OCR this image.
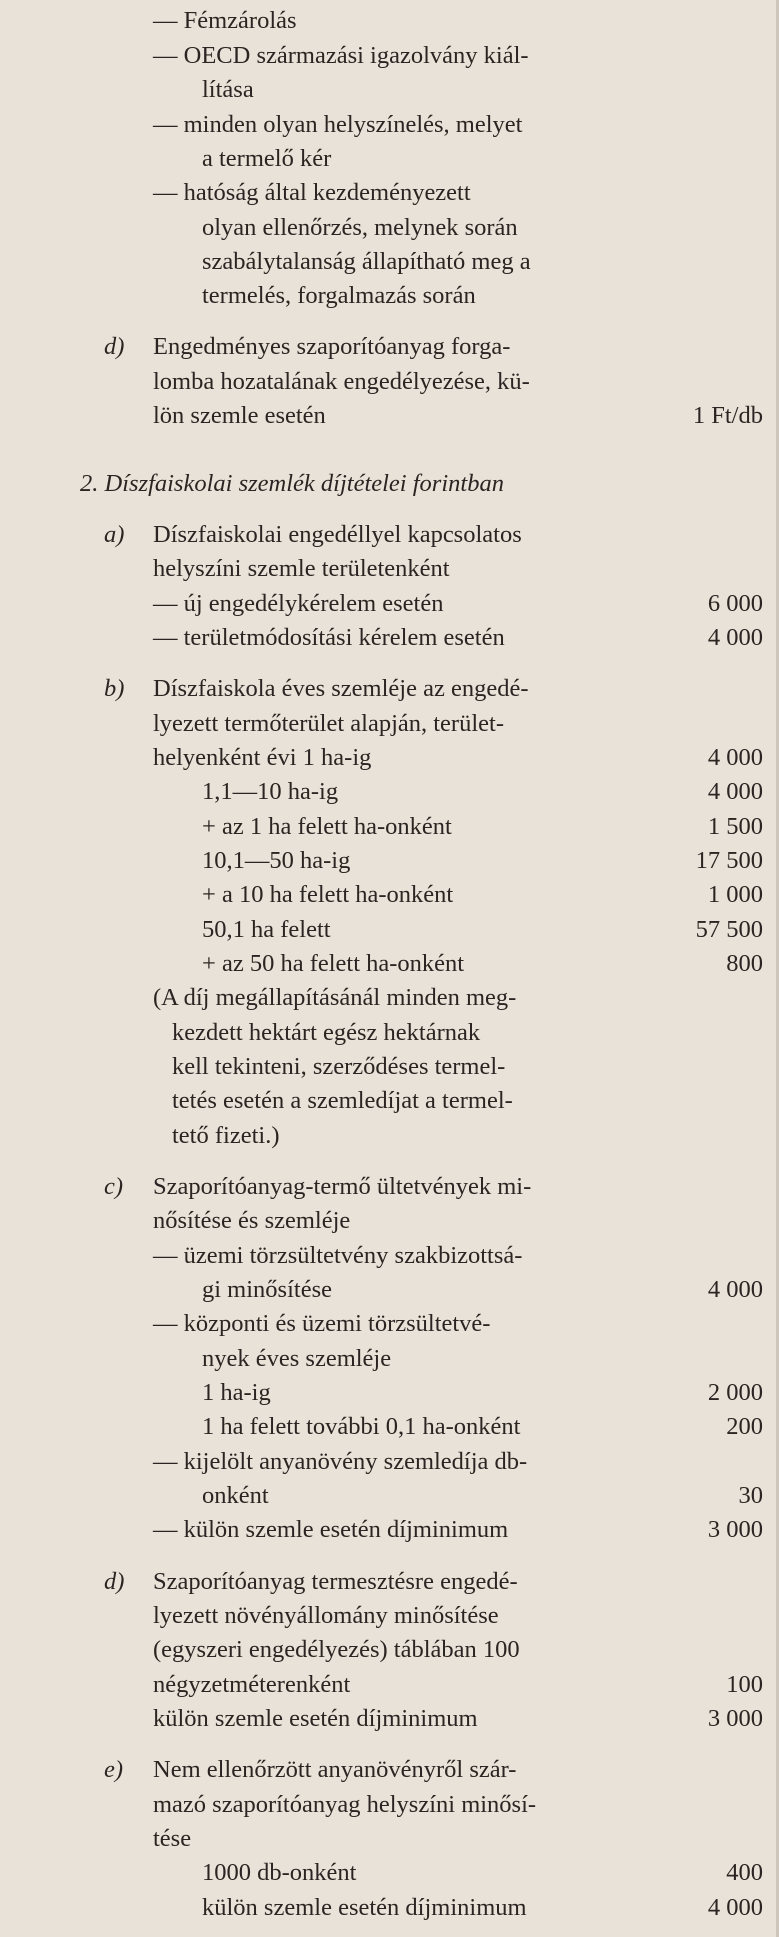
— Fémzárolás
— OECD származási igazolvány kiál-
lítása
— minden olyan helyszínelés, melyet
a termelő kér
— hatóság által kezdeményezett
olyan ellenőrzés, melynek során
szabálytalanság állapítható meg a
termelés, forgalmazás során
d) Engedményes szaporítóanyag forga-
lomba hozatalának engedélyezése, kü-
lön szemle esetén	1 Ft/db
2. Díszfaiskolai szemlék díjtételei forintban
a) Díszfaiskolai engedéllyel kapcsolatos
helyszíni szemle területenként
— új engedélykérelem esetén	6 000
— területmódosítási kérelem esetén	4 000
b) Díszfaiskola éves szemléje az engedé-
lyezett termőterület alapján, terület-
helyenként évi 1 ha-ig	4 000
1,1—10 ha-ig	4 000
+ az 1 ha felett ha-onként	1 500
10,1—50 ha-ig	17 500
+ a 10 ha felett ha-onként	1 000
50,1 ha felett	57 500
+ az 50 ha felett ha-onként	800
(A díj megállapításánál minden meg-
kezdett hektárt egész hektárnak
kell tekinteni, szerződéses termel-
tetés esetén a szemledíjat a termel-
tető fizeti.)
c) Szaporítóanyag-termő ültetvények mi-
nősítése és szemléje
— üzemi törzsültetvény szakbizottsá-
gi minősítése	4 000
— központi és üzemi törzsültetvé-
nyek éves szemléje
1 ha-ig	2 000
1 ha felett további 0,1 ha-onként	200
— kijelölt anyanövény szemledíja db-
onként	30
— külön szemle esetén díjminimum	3 000
d) Szaporítóanyag termesztésre engedé-
lyezett növényállomány minősítése
(egyszeri engedélyezés) táblában 100
négyzetméterenként	100
külön szemle esetén díjminimum	3 000
e) Nem ellenőrzött anyanövényről szár-
mazó szaporítóanyag helyszíni minősí-
tése
1000 db-onként	400
külön szemle esetén díjminimum	4 000
